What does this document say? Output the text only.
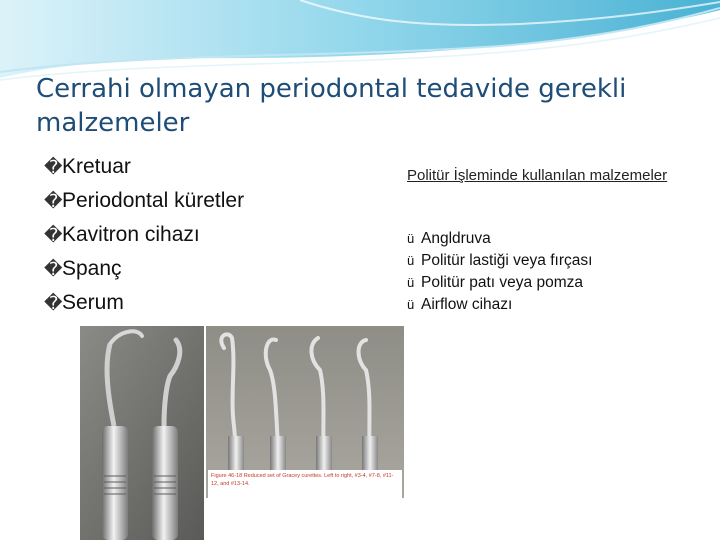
Cerrahi olmayan periodontal tedavide gerekli malzemeler
� Kretuar
� Periodontal küretler
� Kavitron cihazı
� Spanç
� Serum
Politür İşleminde kullanılan malzemeler
ü Angldruva
ü Politür lastiği veya fırçası
ü Politür patı veya pomza
ü Airflow cihazı
Figure 46-18 Reduced set of Gracey curettes. Left to right, #3-4, #7-8, #11-12, and #13-14.
